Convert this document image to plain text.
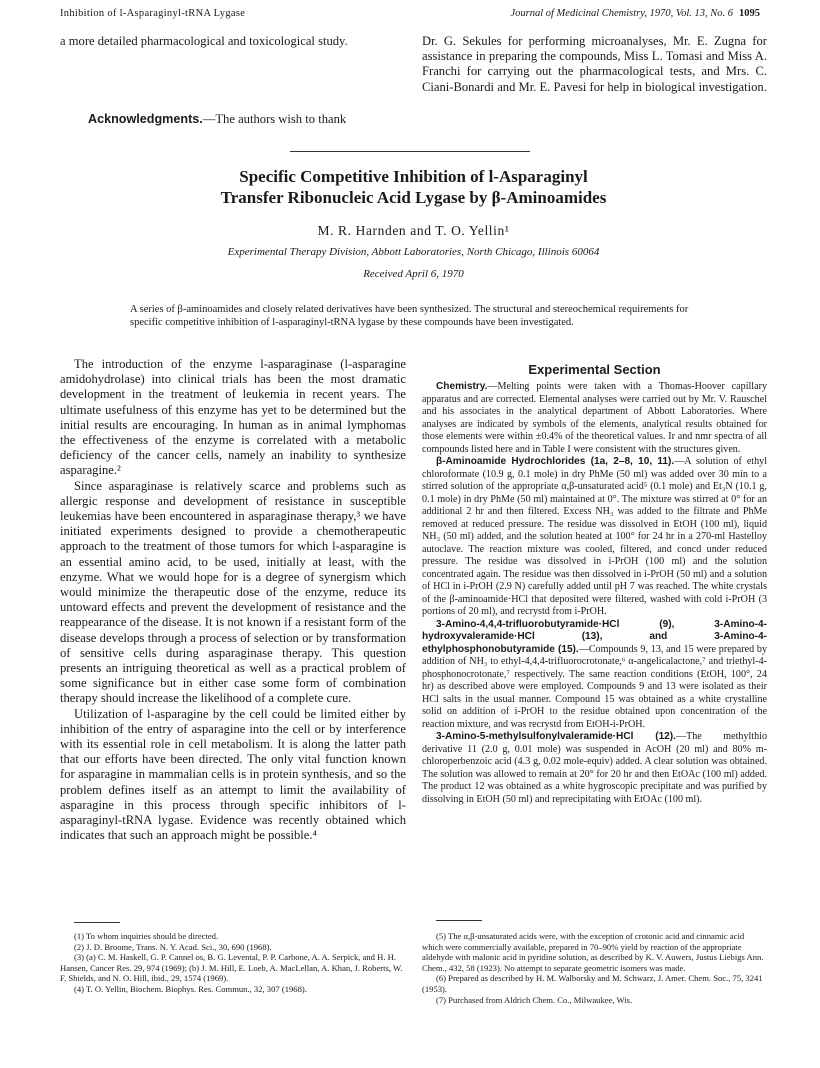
Inhibition of l-Asparaginyl-tRNA Lygase	Journal of Medicinal Chemistry, 1970, Vol. 13, No. 6 1095
a more detailed pharmacological and toxicological study.
Acknowledgments.—The authors wish to thank
Dr. G. Sekules for performing microanalyses, Mr. E. Zugna for assistance in preparing the compounds, Miss L. Tomasi and Miss A. Franchi for carrying out the pharmacological tests, and Mrs. C. Ciani-Bonardi and Mr. E. Pavesi for help in biological investigation.
Specific Competitive Inhibition of l-Asparaginyl
Transfer Ribonucleic Acid Lygase by β-Aminoamides
M. R. Harnden and T. O. Yellin¹
Experimental Therapy Division, Abbott Laboratories, North Chicago, Illinois 60064
Received April 6, 1970
A series of β-aminoamides and closely related derivatives have been synthesized. The structural and stereochemical requirements for specific competitive inhibition of l-asparaginyl-tRNA lygase by these compounds have been investigated.

The introduction of the enzyme l-asparaginase (l-asparagine amidohydrolase) into clinical trials has been the most dramatic development in the treatment of leukemia in recent years. The ultimate usefulness of this enzyme has yet to be determined but the initial results are encouraging. In human as in animal lymphomas the effectiveness of the enzyme is correlated with a metabolic deficiency of the cancer cells, namely an inability to synthesize asparagine.²

Since asparaginase is relatively scarce and problems such as allergic response and development of resistance in susceptible leukemias have been encountered in asparaginase therapy,³ we have initiated experiments designed to provide a chemotherapeutic approach to the treatment of those tumors for which l-asparagine is an essential amino acid, to be used, initially at least, with the enzyme. What we would hope for is a degree of synergism which would minimize the therapeutic dose of the enzyme, reduce its untoward effects and prevent the development of resistance and the reappearance of the disease. It is not known if a resistant form of the disease develops through a process of selection or by transformation of sensitive cells during asparaginase therapy. This question presents an intriguing theoretical as well as a practical problem of some significance but in either case some form of combination therapy should increase the likelihood of a complete cure.

Utilization of l-asparagine by the cell could be limited either by inhibition of the entry of asparagine into the cell or by interference with its essential role in cell metabolism. It is along the latter path that our efforts have been directed. The only vital function known for asparagine in mammalian cells is in protein synthesis, and so the problem defines itself as an attempt to limit the availability of asparagine in this process through specific inhibitors of l-asparaginyl-tRNA lygase. Evidence was recently obtained which indicates that such an approach might be possible.⁴

(1) To whom inquiries should be directed.
(2) J. D. Broome, Trans. N. Y. Acad. Sci., 30, 690 (1968).
(3) (a) C. M. Haskell, G. P. Cannel os, B. G. Levental, P. P. Carbone, A. A. Serpick, and H. H. Hansen, Cancer Res. 29, 974 (1969); (b) J. M. Hill, E. Loeb, A. MacLellan, A. Khan, J. Roberts, W. F. Shields, and N. O. Hill, ibid., 29, 1574 (1969).
(4) T. O. Yellin, Biochem. Biophys. Res. Commun., 32, 307 (1968).
Experimental Section

Chemistry.—Melting points were taken with a Thomas-Hoover capillary apparatus and are corrected. Elemental analyses were carried out by Mr. V. Rauschel and his associates in the analytical department of Abbott Laboratories. Where analyses are indicated by symbols of the elements, analytical results obtained for those elements were within ±0.4% of the theoretical values. Ir and nmr spectra of all compounds listed here and in Table I were consistent with the structures given.

β-Aminoamide Hydrochlorides (1a, 2–8, 10, 11).—A solution of ethyl chloroformate (10.9 g, 0.1 mole) in dry PhMe (50 ml) was added over 30 min to a stirred solution of the appropriate α,β-unsaturated acid⁵ (0.1 mole) and Et₃N (10.1 g, 0.1 mole) in dry PhMe (50 ml) maintained at 0°. The mixture was stirred at 0° for an additional 2 hr and then filtered. Excess NH₃ was added to the filtrate and PhMe removed at reduced pressure. The residue was dissolved in EtOH (100 ml), liquid NH₃ (50 ml) added, and the solution heated at 100° for 24 hr in a 270-ml Hastelloy autoclave. The reaction mixture was cooled, filtered, and concd under reduced pressure. The residue was dissolved in i-PrOH (100 ml) and the solution concentrated again. The residue was then dissolved in i-PrOH (50 ml) and a solution of HCl in i-PrOH (2.9 N) carefully added until pH 7 was reached. The white crystals of the β-aminoamide·HCl that deposited were filtered, washed with cold i-PrOH (3 portions of 20 ml), and recrystd from i-PrOH.

3-Amino-4,4,4-trifluorobutyramide·HCl (9), 3-Amino-4-hydroxyvaleramide·HCl (13), and 3-Amino-4-ethylphosphonobutyramide (15).—Compounds 9, 13, and 15 were prepared by addition of NH₃ to ethyl-4,4,4-trifluorocrotonate,⁶ α-angelicalactone,⁷ and triethyl-4-phosphonocrotonate,⁷ respectively. The same reaction conditions (EtOH, 100°, 24 hr) as described above were employed. Compounds 9 and 13 were isolated as their HCl salts in the usual manner. Compound 15 was obtained as a white crystalline solid on addition of i-PrOH to the residue obtained upon concentration of the reaction mixture, and was recrystd from EtOH-i-PrOH.

3-Amino-5-methylsulfonylvaleramide·HCl (12).—The methylthio derivative 11 (2.0 g, 0.01 mole) was suspended in AcOH (20 ml) and 80% m-chloroperbenzoic acid (4.3 g, 0.02 mole-equiv) added. A clear solution was obtained. The solution was allowed to remain at 20° for 20 hr and then EtOAc (100 ml) added. The product 12 was obtained as a white hygroscopic precipitate and was purified by dissolving in EtOH (50 ml) and reprecipitating with EtOAc (100 ml).

(5) The α,β-unsaturated acids were, with the exception of crotonic acid and cinnamic acid which were commercially available, prepared in 70–90% yield by reaction of the appropriate aldehyde with malonic acid in pyridine solution, as described by K. V. Auwers, Justus Liebigs Ann. Chem., 432, 58 (1923). No attempt to separate geometric isomers was made.
(6) Prepared as described by H. M. Walborsky and M. Schwarz, J. Amer. Chem. Soc., 75, 3241 (1953).
(7) Purchased from Aldrich Chem. Co., Milwaukee, Wis.
